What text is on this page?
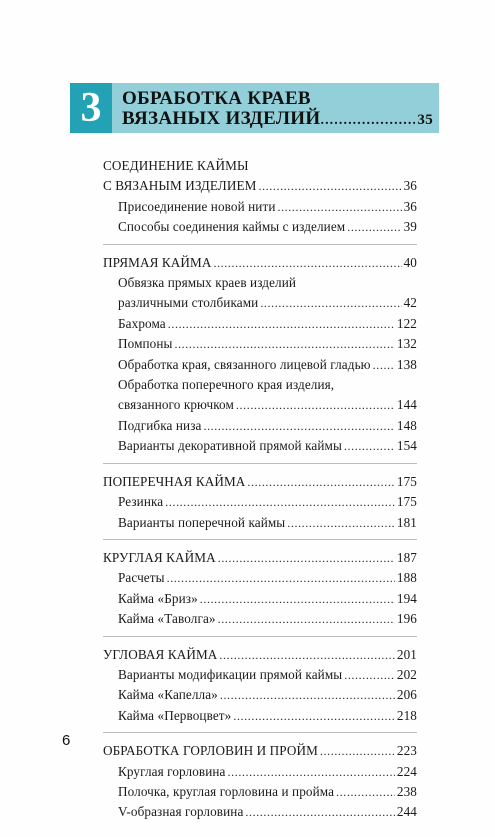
3	ОБРАБОТКА КРАЕВ
ВЯЗАНЫХ ИЗДЕЛИЙ . . .	35
СОЕДИНЕНИЕ КАЙМЫ
С ВЯЗАНЫМ ИЗДЕЛИЕМ .....	36
Присоединение новой нити .....	36
Способы соединения каймы с изделием .....	39
ПРЯМАЯ КАЙМА .....	40
Обвязка прямых краев изделий
различными столбиками .....	42
Бахрома .....	122
Помпоны .....	132
Обработка края, связанного лицевой гладью ..... 138
Обработка поперечного края изделия,
связанного крючком .....	144
Подгибка низа .....	148
Варианты декоративной прямой каймы .....	154
ПОПЕРЕЧНАЯ КАЙМА .....	175
Резинка .....	175
Варианты поперечной каймы .....	181
КРУГЛАЯ КАЙМА .....	187
Расчеты .....	188
Кайма «Бриз» .....	194
Кайма «Таволга» .....	196
УГЛОВАЯ КАЙМА .....	201
Варианты модификации прямой каймы .....	202
Кайма «Капелла» .....	206
Кайма «Первоцвет» .....	218
ОБРАБОТКА ГОРЛОВИН И ПРОЙМ .....	223
Круглая горловина .....	224
Полочка, круглая горловина и пройма .....	238
V-образная горловина .....	244
6
